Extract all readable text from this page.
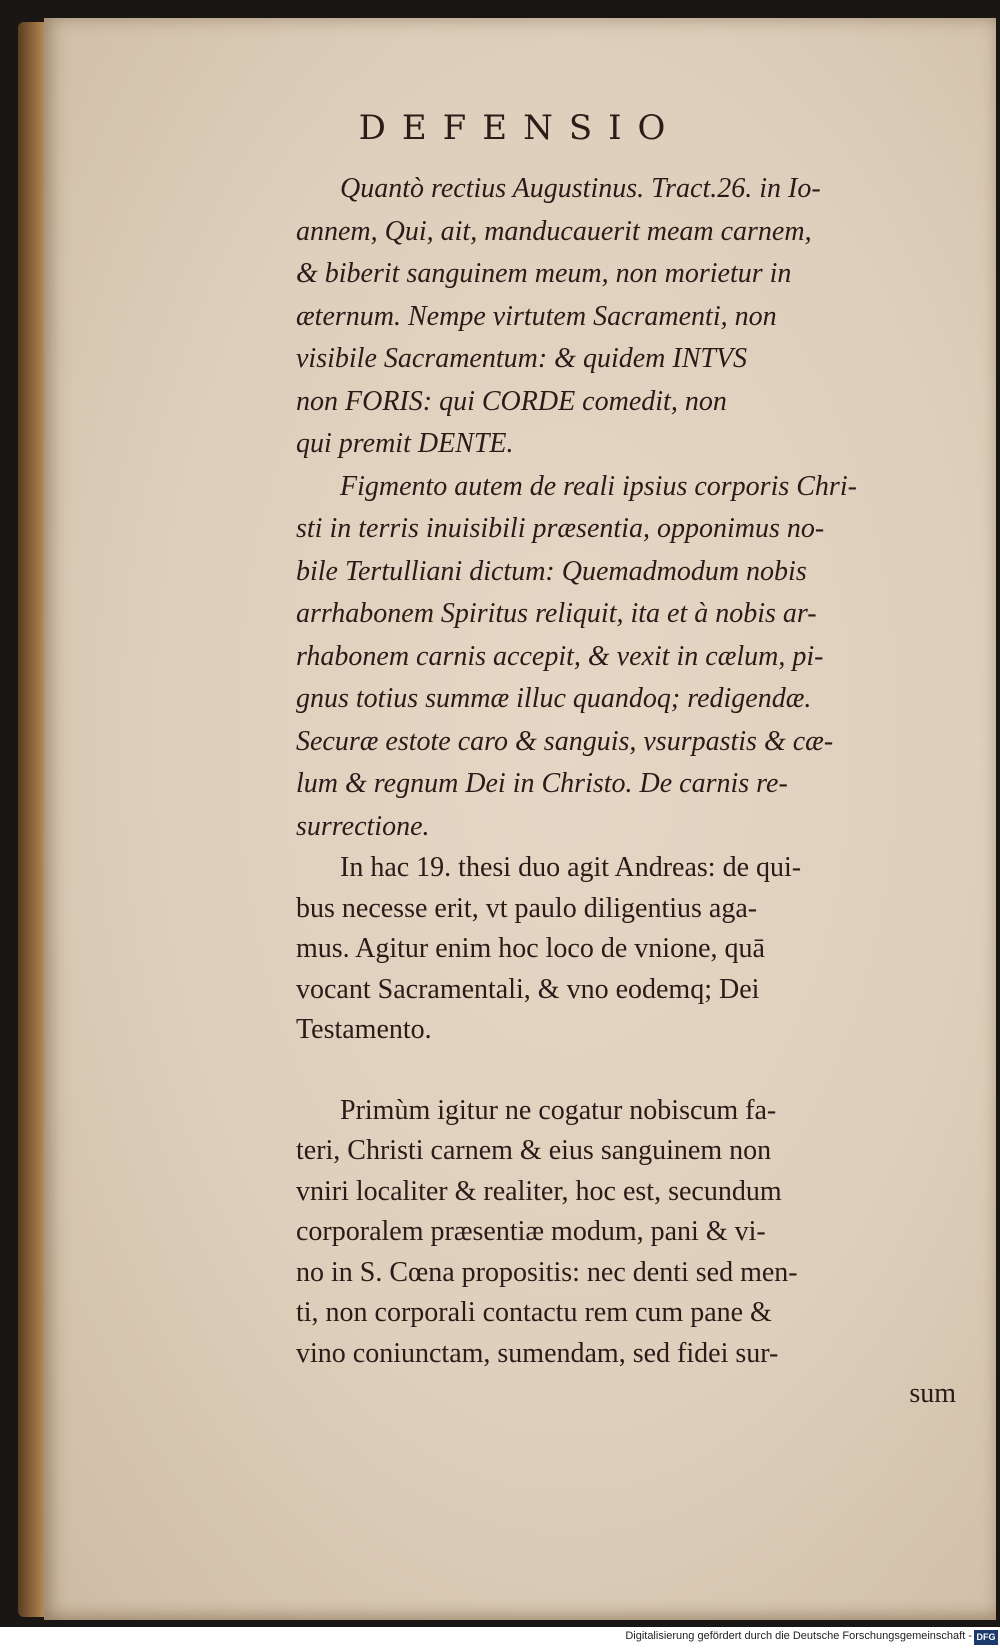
DEFENSIO
Quantò rectius Augustinus. Tract.26. in Io-
annem, Qui, ait, manducauerit meam carnem,
& biberit sanguinem meum, non morietur in
æternum. Nempe virtutem Sacramenti, non
visibile Sacramentum: & quidem INTVS
non FORIS: qui CORDE comedit, non
qui premit DENTE.
Figmento autem de reali ipsius corporis Chri-
sti in terris inuisibili præsentia, opponimus no-
bile Tertulliani dictum: Quemadmodum nobis
arrhabonem Spiritus reliquit, ita et à nobis ar-
rhabonem carnis accepit, & vexit in cælum, pi-
gnus totius summæ illuc quandoq; redigendæ.
Securæ estote caro & sanguis, vsurpastis & cæ-
lum & regnum Dei in Christo. De carnis re-
surrectione.
In hac 19. thesi duo agit Andreas: de qui-
bus necesse erit, vt paulo diligentius aga-
mus. Agitur enim hoc loco de vnione, quā
vocant Sacramentali, & vno eodemq; Dei
Testamento.
Primùm igitur ne cogatur nobiscum fa-
teri, Christi carnem & eius sanguinem non
vniri localiter & realiter, hoc est, secundum
corporalem præsentiæ modum, pani & vi-
no in S. Cœna propositis: nec denti sed men-
ti, non corporali contactu rem cum pane &
vino coniunctam, sumendam, sed fidei sur-
sum
Digitalisierung gefördert durch die Deutsche Forschungsgemeinschaft - DFG
